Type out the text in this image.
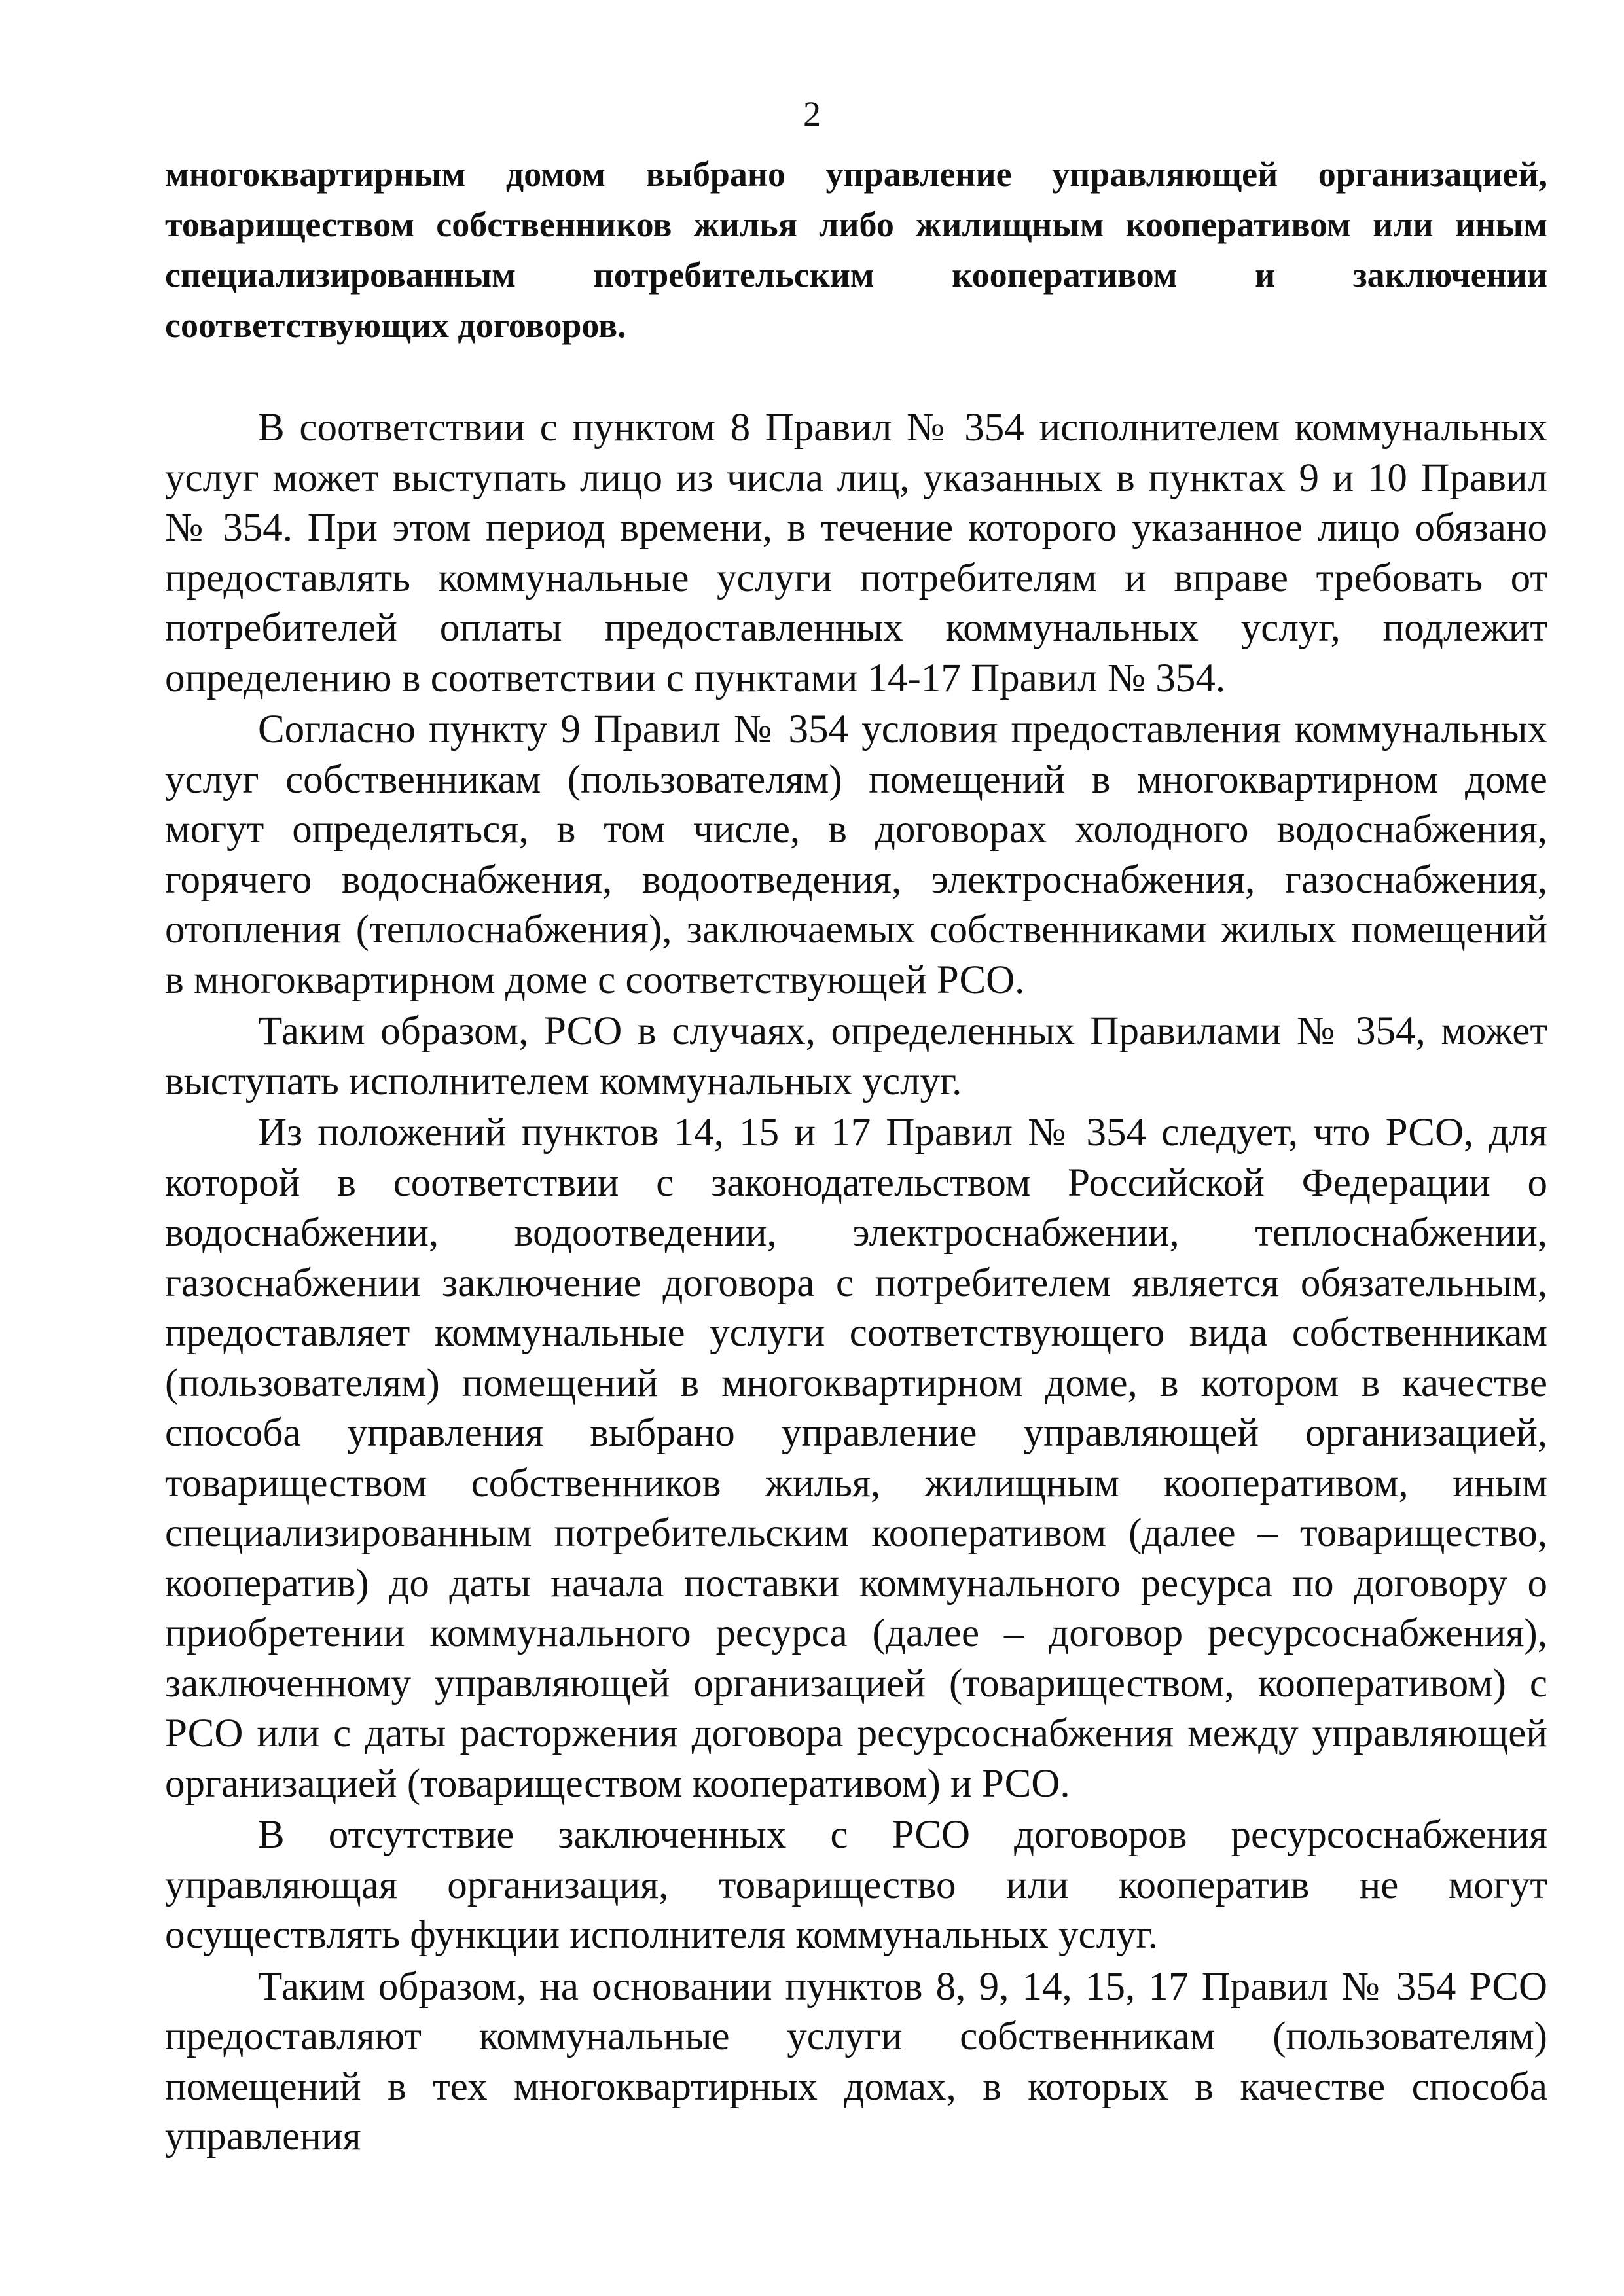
2

многоквартирным домом выбрано управление управляющей организацией, товариществом собственников жилья либо жилищным кооперативом или иным специализированным потребительским кооперативом и заключении соответствующих договоров.

В соответствии с пунктом 8 Правил № 354 исполнителем коммунальных услуг может выступать лицо из числа лиц, указанных в пунктах 9 и 10 Правил № 354. При этом период времени, в течение которого указанное лицо обязано предоставлять коммунальные услуги потребителям и вправе требовать от потребителей оплаты предоставленных коммунальных услуг, подлежит определению в соответствии с пунктами 14-17 Правил № 354.

Согласно пункту 9 Правил № 354 условия предоставления коммунальных услуг собственникам (пользователям) помещений в многоквартирном доме могут определяться, в том числе, в договорах холодного водоснабжения, горячего водоснабжения, водоотведения, электроснабжения, газоснабжения, отопления (теплоснабжения), заключаемых собственниками жилых помещений в многоквартирном доме с соответствующей РСО.

Таким образом, РСО в случаях, определенных Правилами № 354, может выступать исполнителем коммунальных услуг.

Из положений пунктов 14, 15 и 17 Правил № 354 следует, что РСО, для которой в соответствии с законодательством Российской Федерации о водоснабжении, водоотведении, электроснабжении, теплоснабжении, газоснабжении заключение договора с потребителем является обязательным, предоставляет коммунальные услуги соответствующего вида собственникам (пользователям) помещений в многоквартирном доме, в котором в качестве способа управления выбрано управление управляющей организацией, товариществом собственников жилья, жилищным кооперативом, иным специализированным потребительским кооперативом (далее – товарищество, кооператив) до даты начала поставки коммунального ресурса по договору о приобретении коммунального ресурса (далее – договор ресурсоснабжения), заключенному управляющей организацией (товариществом, кооперативом) с РСО или с даты расторжения договора ресурсоснабжения между управляющей организацией (товариществом кооперативом) и РСО.

В отсутствие заключенных с РСО договоров ресурсоснабжения управляющая организация, товарищество или кооператив не могут осуществлять функции исполнителя коммунальных услуг.

Таким образом, на основании пунктов 8, 9, 14, 15, 17 Правил № 354 РСО предоставляют коммунальные услуги собственникам (пользователям) помещений в тех многоквартирных домах, в которых в качестве способа управления
